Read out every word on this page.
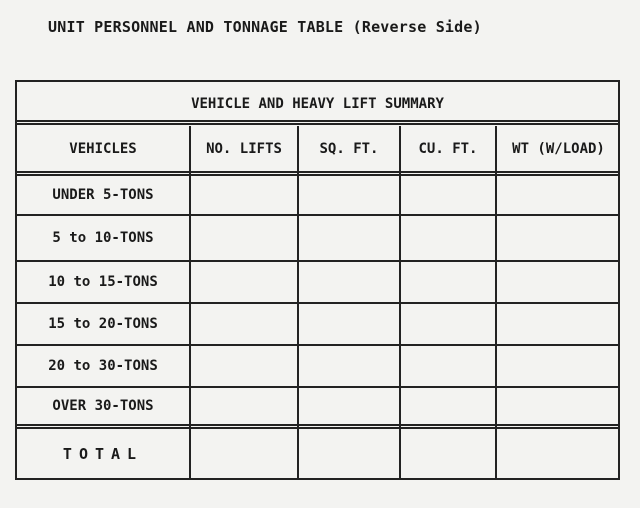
UNIT PERSONNEL AND TONNAGE TABLE (Reverse Side)
VEHICLE AND HEAVY LIFT SUMMARY
VEHICLES	NO. LIFTS	SQ. FT.	CU. FT.	WT (W/LOAD)
UNDER 5-TONS
5 to 10-TONS
10 to 15-TONS
15 to 20-TONS
20 to 30-TONS
OVER 30-TONS
TOTAL
